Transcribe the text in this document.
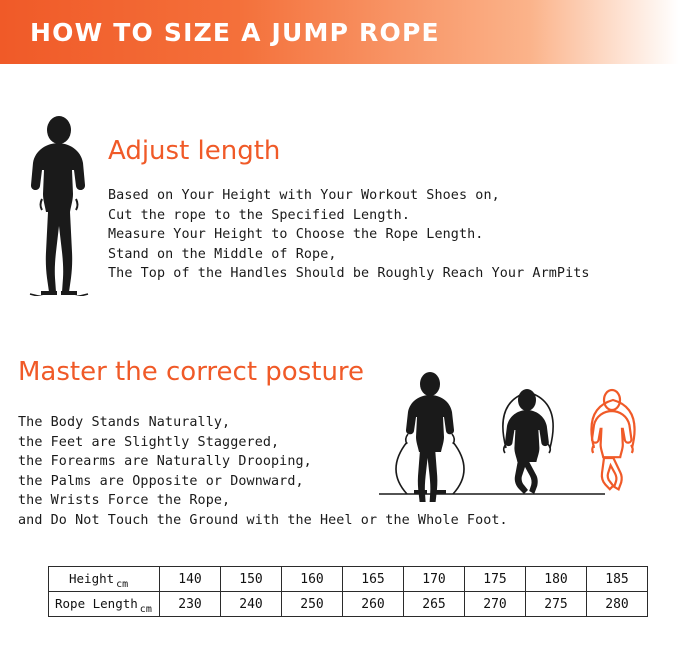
HOW TO SIZE A JUMP ROPE
Adjust length
Based on Your Height with Your Workout Shoes on,
Cut the rope to the Specified Length.
Measure Your Height to Choose the Rope Length.
Stand on the Middle of Rope,
The Top of the Handles Should be Roughly Reach Your ArmPits
Master the correct posture
The Body Stands Naturally,
the Feet are Slightly Staggered,
the Forearms are Naturally Drooping,
the Palms are Opposite or Downward,
the Wrists Force the Rope,
and Do Not Touch the Ground with the Heel or the Whole Foot.
Height $_{cm}$	140	150	160	165	170	175	180	185
Rope Length $_{cm}$	230	240	250	260	265	270	275	280
